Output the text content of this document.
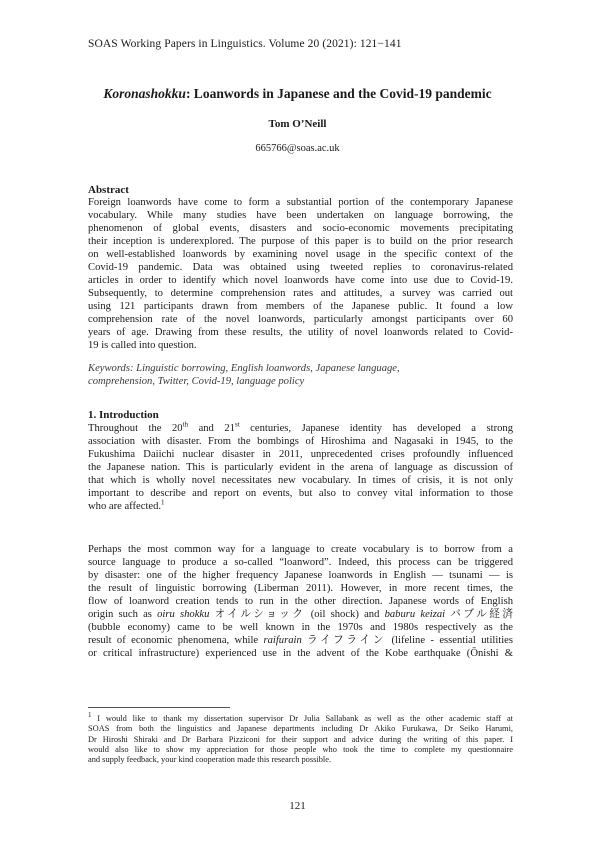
SOAS Working Papers in Linguistics. Volume 20 (2021): 121−141
Koronashokku: Loanwords in Japanese and the Covid-19 pandemic
Tom O’Neill
665766@soas.ac.uk
Abstract
Foreign loanwords have come to form a substantial portion of the contemporary Japanese
vocabulary. While many studies have been undertaken on language borrowing, the
phenomenon of global events, disasters and socio-economic movements precipitating
their inception is underexplored. The purpose of this paper is to build on the prior research
on well-established loanwords by examining novel usage in the specific context of the
Covid-19 pandemic. Data was obtained using tweeted replies to coronavirus-related
articles in order to identify which novel loanwords have come into use due to Covid-19.
Subsequently, to determine comprehension rates and attitudes, a survey was carried out
using 121 participants drawn from members of the Japanese public. It found a low
comprehension rate of the novel loanwords, particularly amongst participants over 60
years of age. Drawing from these results, the utility of novel loanwords related to Covid-
19 is called into question.
Keywords: Linguistic borrowing, English loanwords, Japanese language,
comprehension, Twitter, Covid-19, language policy
1. Introduction
Throughout the 20th and 21st centuries, Japanese identity has developed a strong
association with disaster. From the bombings of Hiroshima and Nagasaki in 1945, to the
Fukushima Daiichi nuclear disaster in 2011, unprecedented crises profoundly influenced
the Japanese nation. This is particularly evident in the arena of language as discussion of
that which is wholly novel necessitates new vocabulary. In times of crisis, it is not only
important to describe and report on events, but also to convey vital information to those
who are affected.$^1$
Perhaps the most common way for a language to create vocabulary is to borrow from a
source language to produce a so-called “loanword”. Indeed, this process can be triggered
by disaster: one of the higher frequency Japanese loanwords in English — tsunami — is
the result of linguistic borrowing (Liberman 2011). However, in more recent times, the
flow of loanword creation tends to run in the other direction. Japanese words of English
origin such as oiru shokku オイルショック (oil shock) and baburu keizai バブル経済
(bubble economy) came to be well known in the 1970s and 1980s respectively as the
result of economic phenomena, while raifurain ライフライン (lifeline - essential utilities
or critical infrastructure) experienced use in the advent of the Kobe earthquake (Ōnishi &
$^1$ I would like to thank my dissertation supervisor Dr Julia Sallabank as well as the other academic staff at
SOAS from both the linguistics and Japanese departments including Dr Akiko Furukawa, Dr Seiko Harumi,
Dr Hiroshi Shiraki and Dr Barbara Pizziconi for their support and advice during the writing of this paper. I
would also like to show my appreciation for those people who took the time to complete my questionnaire
and supply feedback, your kind cooperation made this research possible.
121
